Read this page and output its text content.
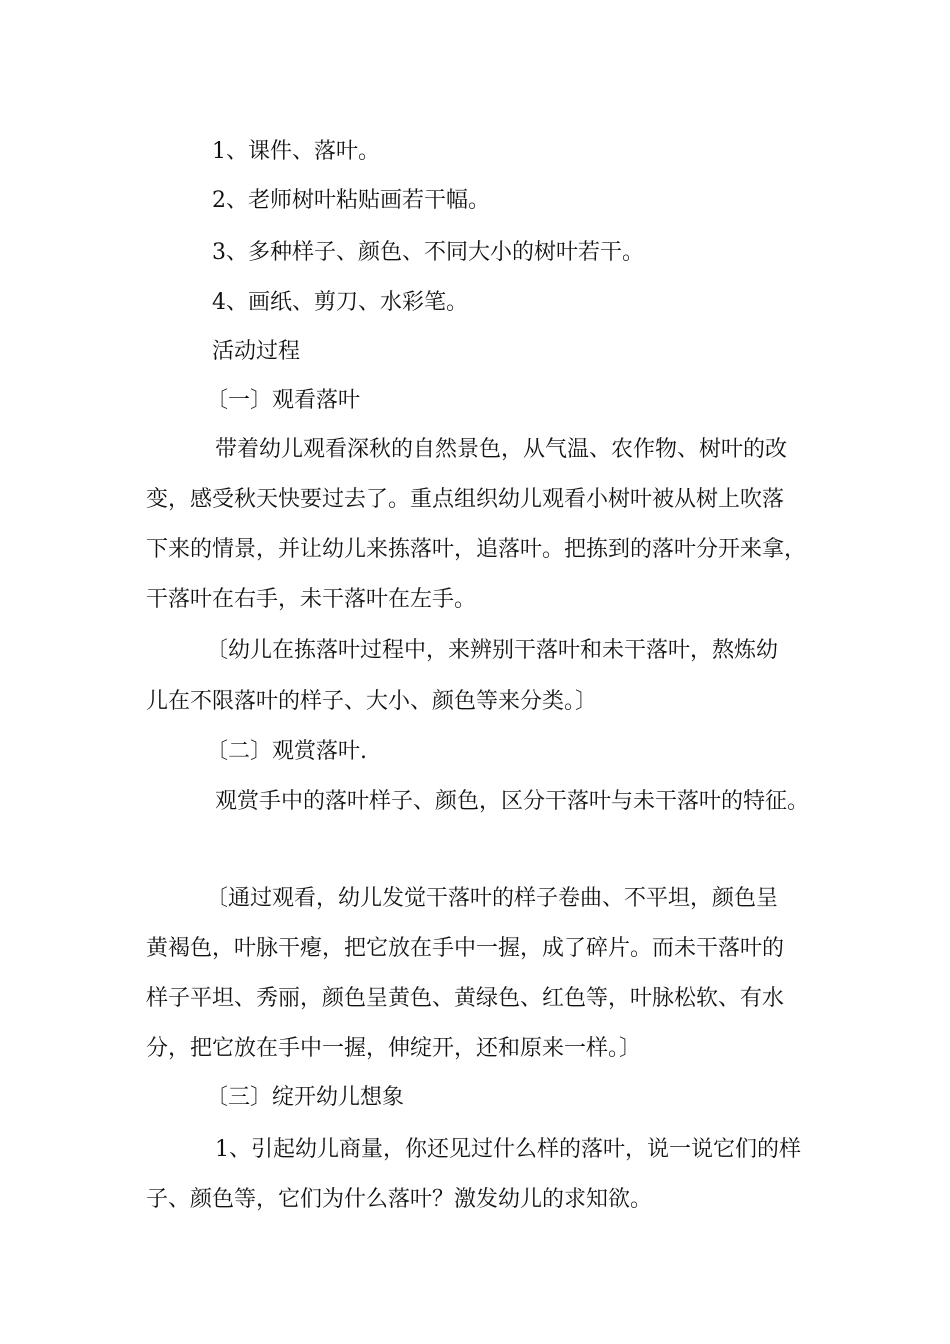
1、课件、落叶。
2、老师树叶粘贴画若干幅。
3、多种样子、颜色、不同大小的树叶若干。
4、画纸、剪刀、水彩笔。
活动过程
〔一〕观看落叶
带着幼儿观看深秋的自然景色，从气温、农作物、树叶的改
变，感受秋天快要过去了。重点组织幼儿观看小树叶被从树上吹落
下来的情景，并让幼儿来拣落叶，追落叶。把拣到的落叶分开来拿，
干落叶在右手，未干落叶在左手。
〔幼儿在拣落叶过程中，来辨别干落叶和未干落叶，熬炼幼
儿在不限落叶的样子、大小、颜色等来分类。〕
〔二〕观赏落叶.
观赏手中的落叶样子、颜色，区分干落叶与未干落叶的特征。
〔通过观看，幼儿发觉干落叶的样子卷曲、不平坦，颜色呈
黄褐色，叶脉干瘪，把它放在手中一握，成了碎片。而未干落叶的
样子平坦、秀丽，颜色呈黄色、黄绿色、红色等，叶脉松软、有水
分，把它放在手中一握，伸绽开，还和原来一样。〕
〔三〕绽开幼儿想象
1、引起幼儿商量，你还见过什么样的落叶，说一说它们的样
子、颜色等，它们为什么落叶？激发幼儿的求知欲。
